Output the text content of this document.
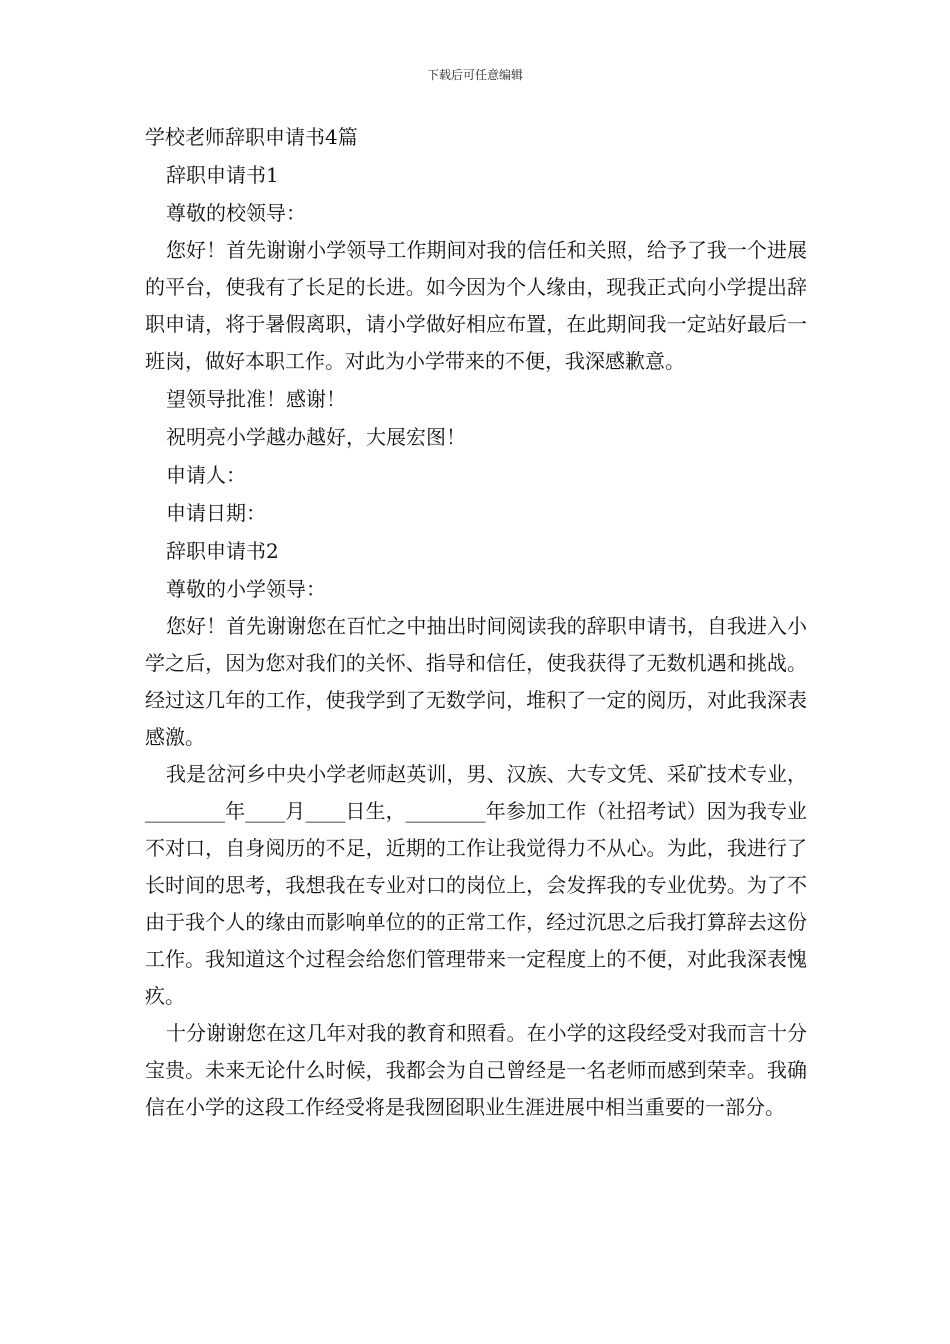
下载后可任意编辑

学校老师辞职申请书4篇

辞职申请书1

尊敬的校领导：

您好！首先谢谢小学领导工作期间对我的信任和关照，给予了我一个进展的平台，使我有了长足的长进。如今因为个人缘由，现我正式向小学提出辞职申请，将于暑假离职，请小学做好相应布置，在此期间我一定站好最后一班岗，做好本职工作。对此为小学带来的不便，我深感歉意。

望领导批准！感谢！

祝明亮小学越办越好，大展宏图！

申请人：

申请日期：

辞职申请书2

尊敬的小学领导：

您好！首先谢谢您在百忙之中抽出时间阅读我的辞职申请书，自我进入小学之后，因为您对我们的关怀、指导和信任，使我获得了无数机遇和挑战。经过这几年的工作，使我学到了无数学问，堆积了一定的阅历，对此我深表感激。

我是岔河乡中央小学老师赵英训，男、汉族、大专文凭、采矿技术专业，________年____月____日生，________年参加工作（社招考试）因为我专业不对口，自身阅历的不足，近期的工作让我觉得力不从心。为此，我进行了长时间的思考，我想我在专业对口的岗位上，会发挥我的专业优势。为了不由于我个人的缘由而影响单位的的正常工作，经过沉思之后我打算辞去这份工作。我知道这个过程会给您们管理带来一定程度上的不便，对此我深表愧疚。

十分谢谢您在这几年对我的教育和照看。在小学的这段经受对我而言十分宝贵。未来无论什么时候，我都会为自己曾经是一名老师而感到荣幸。我确信在小学的这段工作经受将是我囫囵职业生涯进展中相当重要的一部分。
